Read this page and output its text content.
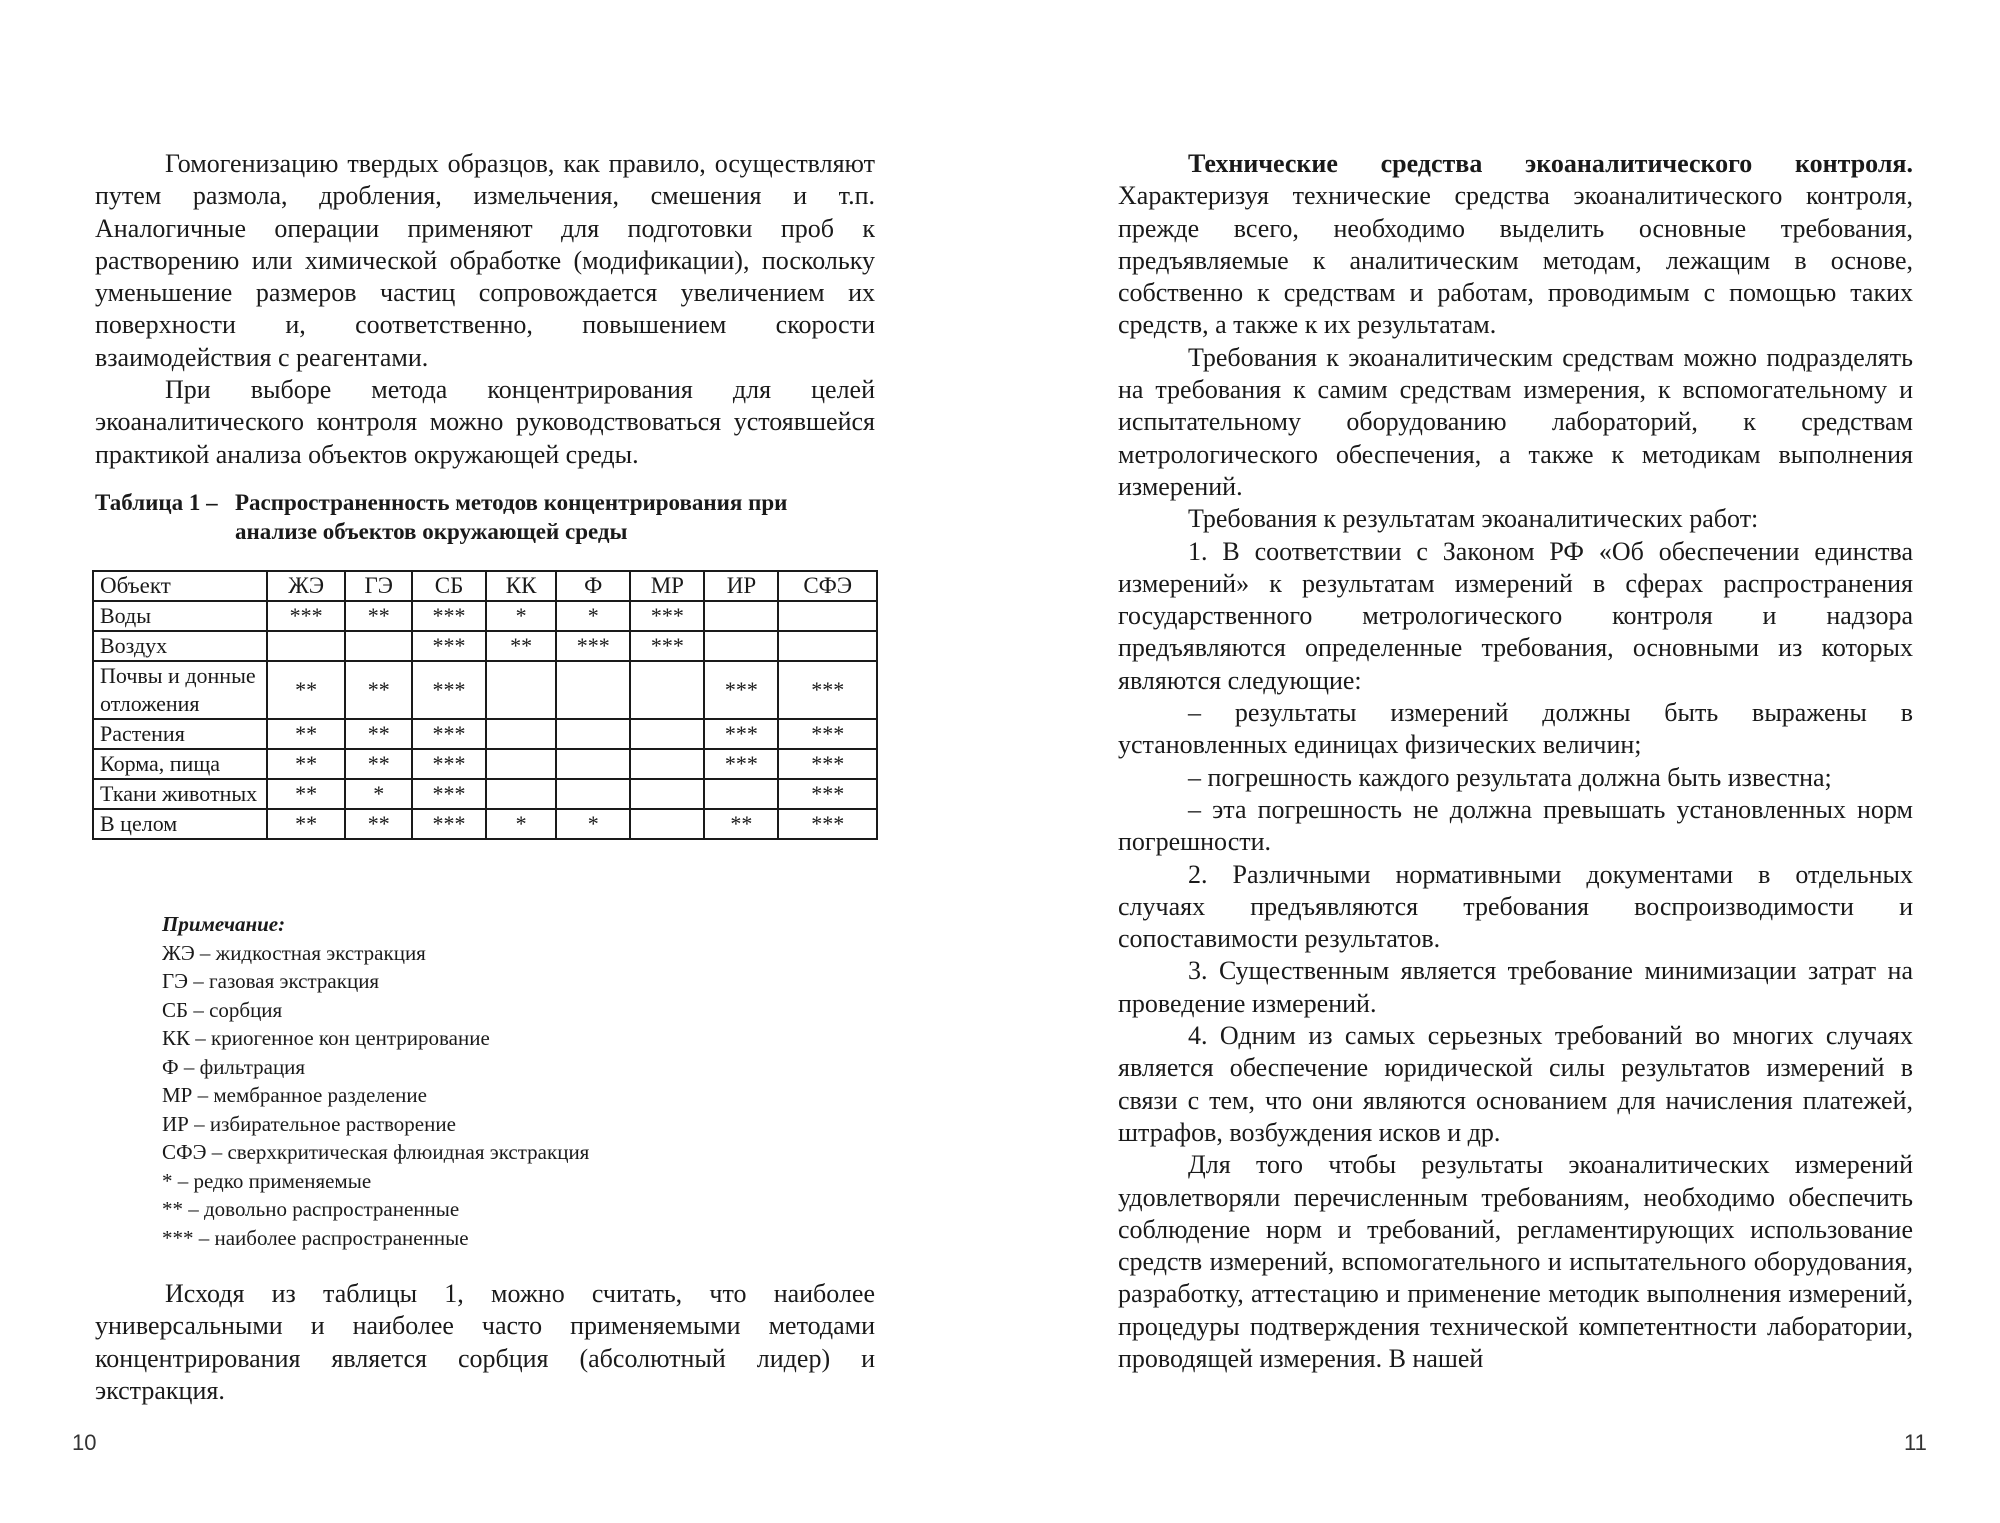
Гомогенизацию твердых образцов, как правило, осуществляют путем размола, дробления, измельчения, смешения и т.п. Аналогичные операции применяют для подготовки проб к растворению или химической обработке (модификации), поскольку уменьшение размеров частиц сопровождается увеличением их поверхности и, соответственно, повышением скорости взаимодействия с реагентами.

При выборе метода концентрирования для целей экоаналитического контроля можно руководствоваться устоявшейся практикой анализа объектов окружающей среды.

Таблица 1 – Распространенность методов концентрирования при анализе объектов окружающей среды
Объект	ЖЭ	ГЭ	СБ	КК	Ф	МР	ИР	СФЭ
Воды	***	**	***	*	*	***		
Воздух			***	**	***	***		
Почвы и донные отложения	**	**	***				***	***
Растения	**	**	***				***	***
Корма, пища	**	**	***				***	***
Ткани животных	**	*	***					***
В целом	**	**	***	*	*		**	***
Примечание:
ЖЭ – жидкостная экстракция
ГЭ – газовая экстракция
СБ – сорбция
КК – криогенное кон центрирование
Ф – фильтрация
МР – мембранное разделение
ИР – избирательное растворение
СФЭ – сверхкритическая флюидная экстракция
* – редко применяемые
** – довольно распространенные
*** – наиболее распространенные

Исходя из таблицы 1, можно считать, что наиболее универсальными и наиболее часто применяемыми методами концентрирования является сорбция (абсолютный лидер) и экстракция.

10

Технические средства экоаналитического контроля. Характеризуя технические средства экоаналитического контроля, прежде всего, необходимо выделить основные требования, предъявляемые к аналитическим методам, лежащим в основе, собственно к средствам и работам, проводимым с помощью таких средств, а также к их результатам.

Требования к экоаналитическим средствам можно подразделять на требования к самим средствам измерения, к вспомогательному и испытательному оборудованию лабораторий, к средствам метрологического обеспечения, а также к методикам выполнения измерений.

Требования к результатам экоаналитических работ:

1. В соответствии с Законом РФ «Об обеспечении единства измерений» к результатам измерений в сферах распространения государственного метрологического контроля и надзора предъявляются определенные требования, основными из которых являются следующие:

– результаты измерений должны быть выражены в установленных единицах физических величин;

– погрешность каждого результата должна быть известна;

– эта погрешность не должна превышать установленных норм погрешности.

2. Различными нормативными документами в отдельных случаях предъявляются требования воспроизводимости и сопоставимости результатов.

3. Существенным является требование минимизации затрат на проведение измерений.

4. Одним из самых серьезных требований во многих случаях является обеспечение юридической силы результатов измерений в связи с тем, что они являются основанием для начисления платежей, штрафов, возбуждения исков и др.

Для того чтобы результаты экоаналитических измерений удовлетворяли перечисленным требованиям, необходимо обеспечить соблюдение норм и требований, регламентирующих использование средств измерений, вспомогательного и испытательного оборудования, разработку, аттестацию и применение методик выполнения измерений, процедуры подтверждения технической компетентности лаборатории, проводящей измерения. В нашей

11
